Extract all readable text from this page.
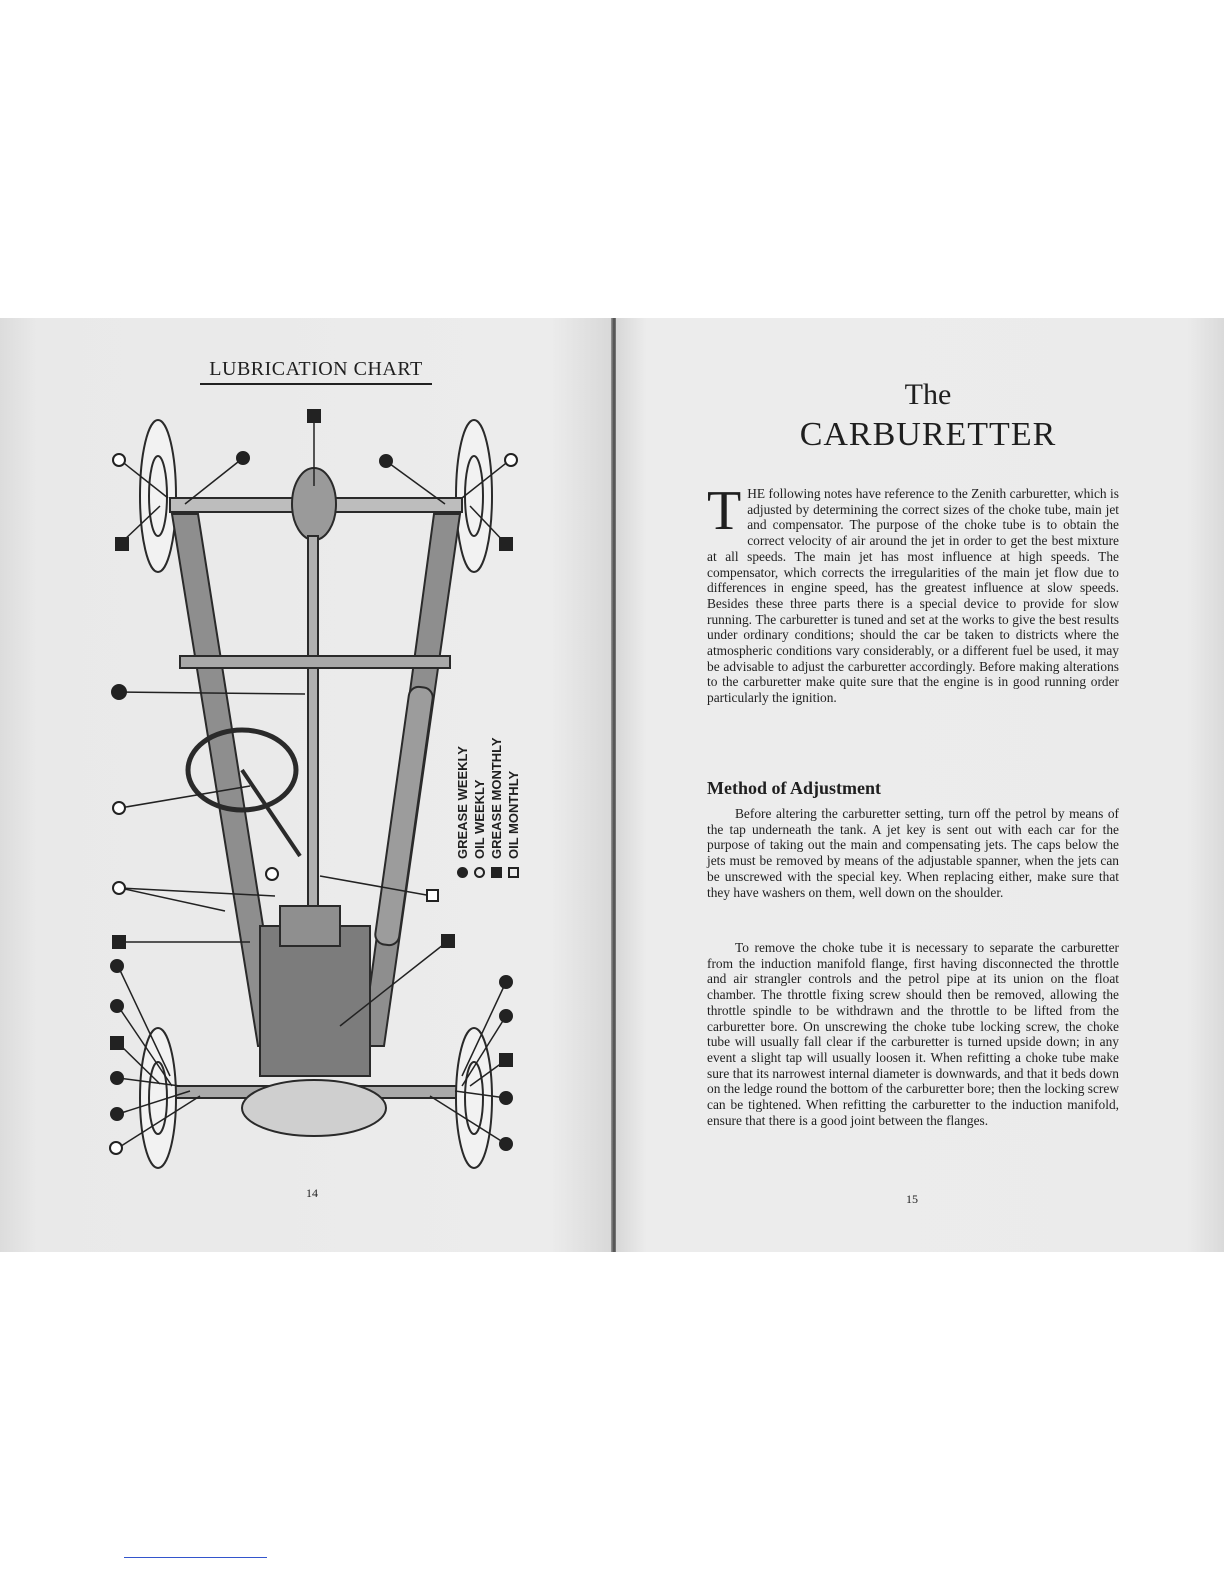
LUBRICATION CHART
GREASE WEEKLY OIL WEEKLY GREASE MONTHLY OIL MONTHLY
14	15
The
CARBURETTER
T HE following notes have reference to the Zenith carburetter, which is adjusted by determining the correct sizes of the choke tube, main jet and compensator. The purpose of the choke tube is to obtain the correct velocity of air around the jet in order to get the best mixture at all speeds. The main jet has most influence at high speeds. The compensator, which corrects the irregularities of the main jet flow due to differences in engine speed, has the greatest influence at slow speeds. Besides these three parts there is a special device to provide for slow running. The carburetter is tuned and set at the works to give the best results under ordinary conditions; should the car be taken to districts where the atmospheric conditions vary considerably, or a different fuel be used, it may be advisable to adjust the carburetter accordingly. Before making alterations to the carburetter make quite sure that the engine is in good running order particularly the ignition.
Method of Adjustment
Before altering the carburetter setting, turn off the petrol by means of the tap underneath the tank. A jet key is sent out with each car for the purpose of taking out the main and compensating jets. The caps below the jets must be removed by means of the adjustable spanner, when the jets can be unscrewed with the special key. When replacing either, make sure that they have washers on them, well down on the shoulder.
To remove the choke tube it is necessary to separate the carburetter from the induction manifold flange, first having disconnected the throttle and air strangler controls and the petrol pipe at its union on the float chamber. The throttle fixing screw should then be removed, allowing the throttle spindle to be withdrawn and the throttle to be lifted from the carburetter bore. On unscrewing the choke tube locking screw, the choke tube will usually fall clear if the carburetter is turned upside down; in any event a slight tap will usually loosen it. When refitting a choke tube make sure that its narrowest internal diameter is downwards, and that it beds down on the ledge round the bottom of the carburetter bore; then the locking screw can be tightened. When refitting the carburetter to the induction manifold, ensure that there is a good joint between the flanges.
